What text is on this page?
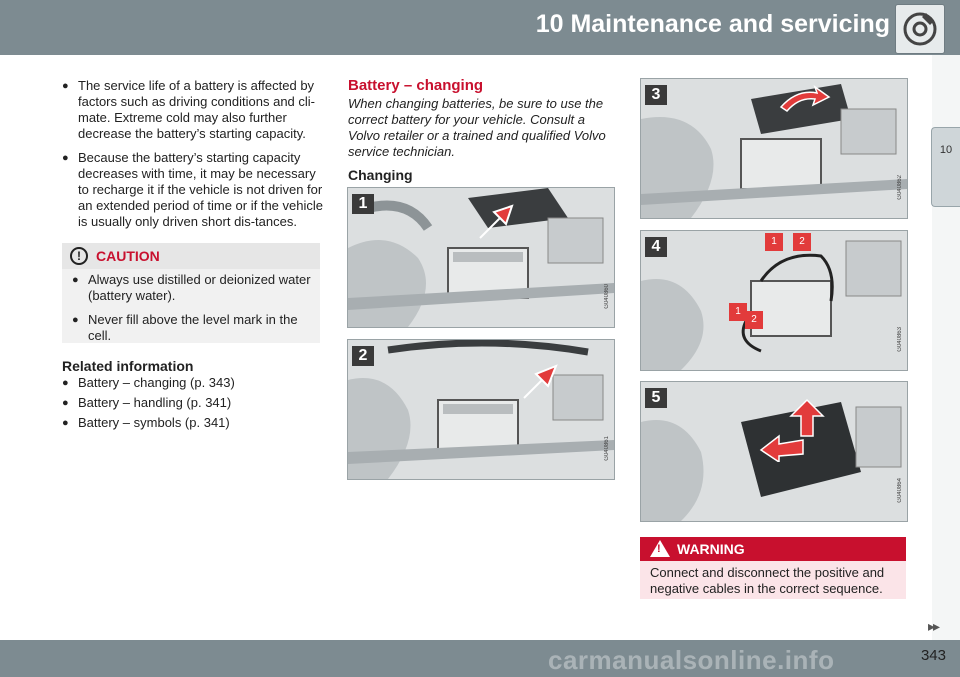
10 Maintenance and servicing
10
● The service life of a battery is affected by factors such as driving conditions and cli-mate. Extreme cold may also further decrease the battery’s starting capacity.
● Because the battery’s starting capacity decreases with time, it may be necessary to recharge it if the vehicle is not driven for an extended period of time or if the vehicle is usually only driven short dis-tances.
!	CAUTION
● Always use distilled or deionized water (battery water).
● Never fill above the level mark in the cell.
Related information
● Battery – changing (p. 343)
● Battery – handling (p. 341)
● Battery – symbols (p. 341)
Battery – changing
When changing batteries, be sure to use the correct battery for your vehicle. Consult a Volvo retailer or a trained and qualified Volvo service technician.
Changing
1
G040860
2
G040861
3
G040862
1	2
1
2
4
G040863
5
G040864
! WARNING
Connect and disconnect the positive and negative cables in the correct sequence.
▸▸
343
carmanualsonline.info
